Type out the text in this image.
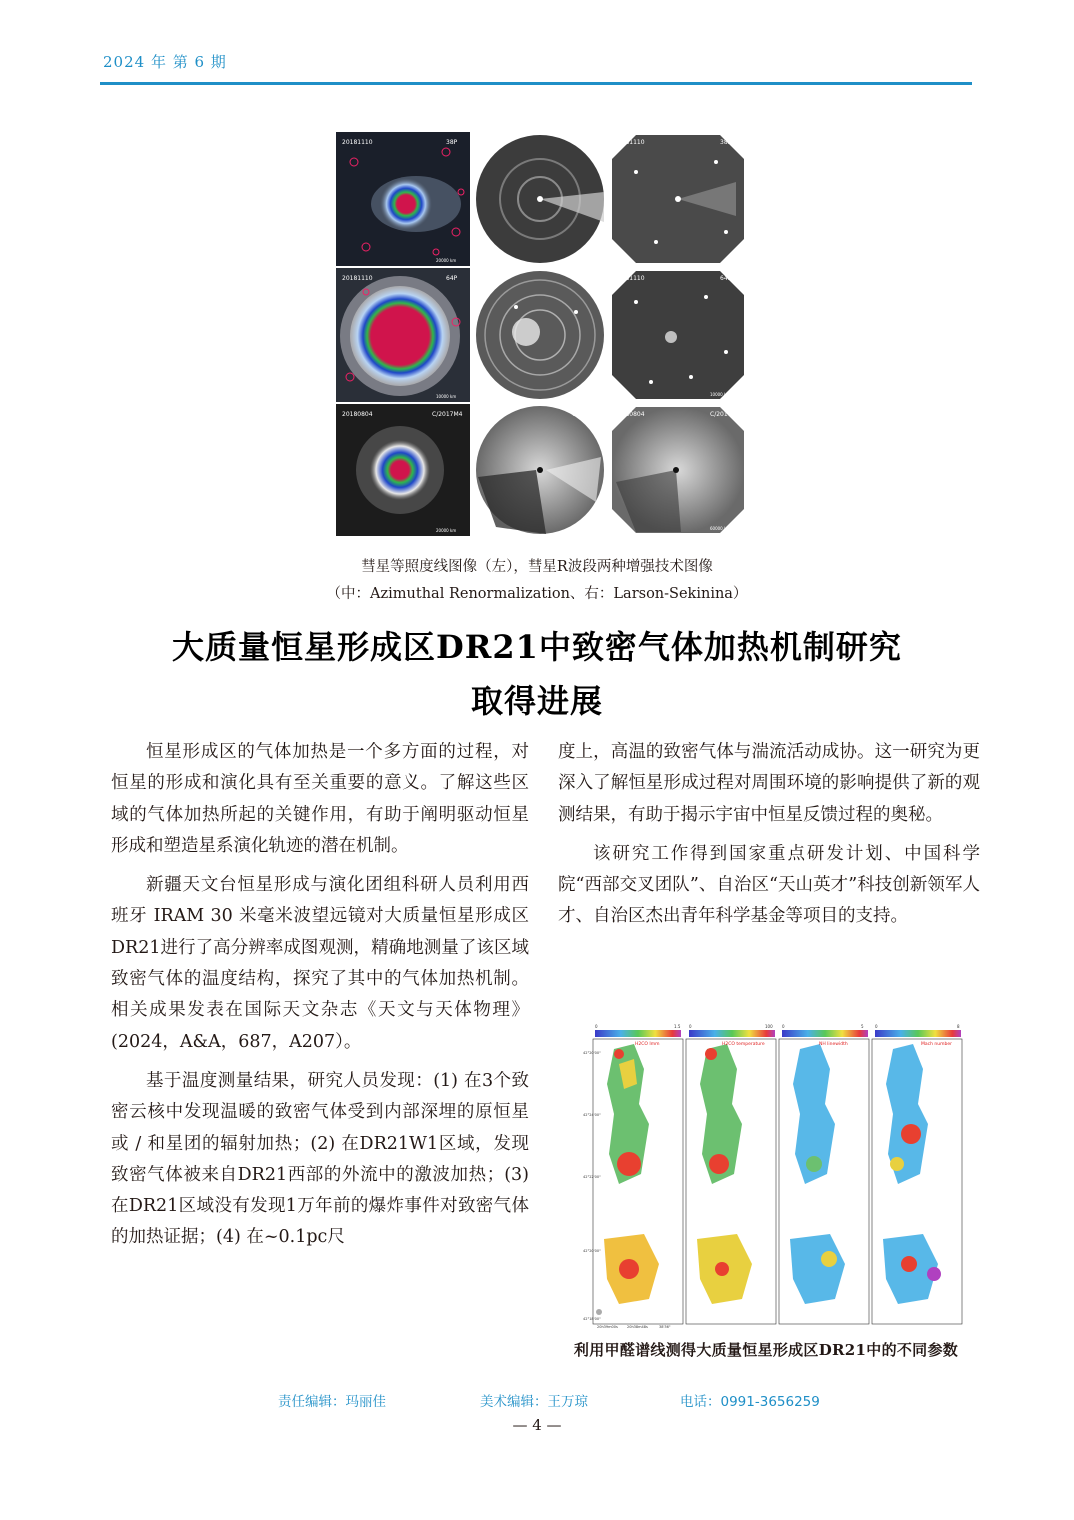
2024 年 第 6 期
20181110	38P
20000 km
20181110	38P
20000 km
20181110	38P
20181110	64P
10000 km
20181110	64P
10000 km
20181110	64P
10000 km
20180804	C/2017M4
20000 km
20180804	C/2017M4
60000 km
20180804	C/2017M4
60000 km
彗星等照度线图像（左），彗星R波段两种增强技术图像
（中：Azimuthal Renormalization、右：Larson-Sekinina）
大质量恒星形成区DR21中致密气体加热机制研究
取得进展

恒星形成区的气体加热是一个多方面的过程，对恒星的形成和演化具有至关重要的意义。了解这些区域的气体加热所起的关键作用，有助于阐明驱动恒星形成和塑造星系演化轨迹的潜在机制。

新疆天文台恒星形成与演化团组科研人员利用西班牙 IRAM 30 米毫米波望远镜对大质量恒星形成区DR21进行了高分辨率成图观测，精确地测量了该区域致密气体的温度结构，探究了其中的气体加热机制。相关成果发表在国际天文杂志《天文与天体物理》(2024，A&A，687，A207）。

基于温度测量结果，研究人员发现：(1) 在3个致密云核中发现温暖的致密气体受到内部深埋的原恒星或 / 和星团的辐射加热；(2) 在DR21W1区域，发现致密气体被来自DR21西部的外流中的激波加热；(3) 在DR21区域没有发现1万年前的爆炸事件对致密气体的加热证据；(4) 在~0.1pc尺

度上，高温的致密气体与湍流活动成协。这一研究为更深入了解恒星形成过程对周围环境的影响提供了新的观测结果，有助于揭示宇宙中恒星反馈过程的奥秘。

该研究工作得到国家重点研发计划、中国科学院“西部交叉团队”、自治区“天山英才”科技创新领军人才、自治区杰出青年科学基金等项目的支持。

0	1.5
H2CO Imm
0	100
H2CO temperature
0	5
NH linewidth
0	8
Mach number
42°20'00"
42°24'00"
42°22'00"
42°20'00"
42°18'00"
20h39m00s	20h38m48s	38'36"
利用甲醛谱线测得大质量恒星形成区DR21中的不同参数
责任编辑：玛丽佳	美术编辑：王万琼	电话：0991-3656259
— 4 —
